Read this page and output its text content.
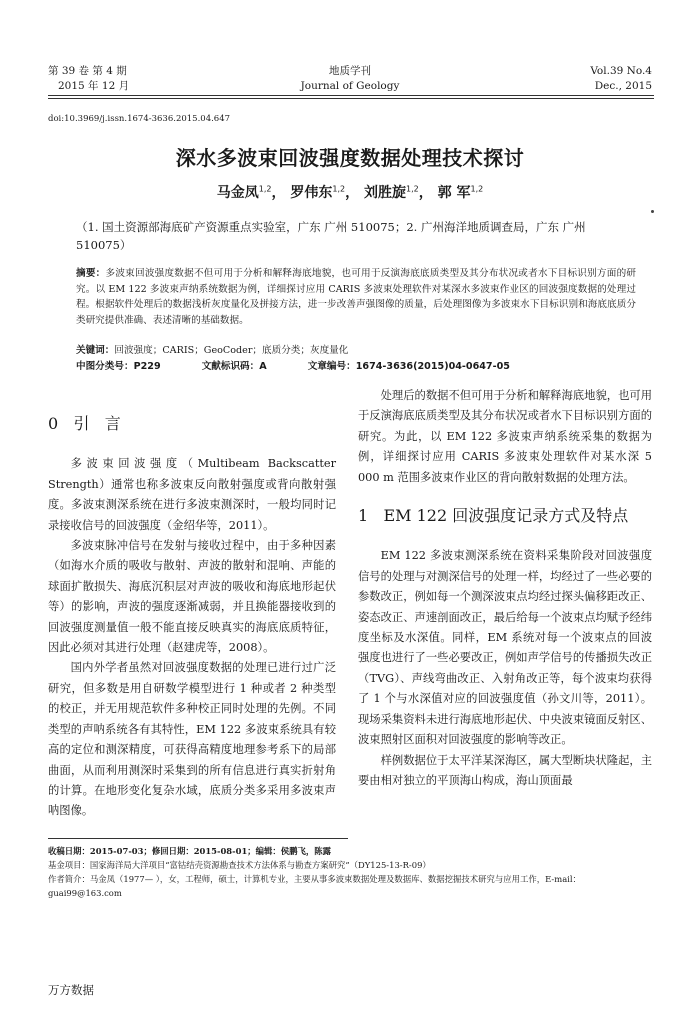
第 39 卷 第 4 期
2015 年 12 月
地质学刊
Journal of Geology
Vol.39 No.4
Dec., 2015
doi:10.3969/j.issn.1674-3636.2015.04.647
深水多波束回波强度数据处理技术探讨
马金凤$^{1,2}$， 罗伟东$^{1,2}$， 刘胜旋$^{1,2}$， 郭 军$^{1,2}$
（1. 国土资源部海底矿产资源重点实验室，广东 广州 510075；2. 广州海洋地质调查局，广东 广州 510075）
摘要：多波束回波强度数据不但可用于分析和解释海底地貌，也可用于反演海底底质类型及其分布状况或者水下目标识别方面的研究。以 EM 122 多波束声纳系统数据为例，详细探讨应用 CARIS 多波束处理软件对某深水多波束作业区的回波强度数据的处理过程。根据软件处理后的数据浅析灰度量化及拼接方法，进一步改善声强图像的质量，后处理图像为多波束水下目标识别和海底底质分类研究提供准确、表述清晰的基础数据。
关键词：回波强度；CARIS；GeoCoder；底质分类；灰度量化
中图分类号：P229	文献标识码：A	文章编号：1674-3636(2015)04-0647-05
0   引   言

多波束回波强度（Multibeam Backscatter Strength）通常也称多波束反向散射强度或背向散射强度。多波束测深系统在进行多波束测深时，一般均同时记录接收信号的回波强度（金绍华等，2011）。

多波束脉冲信号在发射与接收过程中，由于多种因素（如海水介质的吸收与散射、声波的散射和混响、声能的球面扩散损失、海底沉积层对声波的吸收和海底地形起伏等）的影响，声波的强度逐渐减弱，并且换能器接收到的回波强度测量值一般不能直接反映真实的海底底质特征，因此必须对其进行处理（赵建虎等，2008）。

国内外学者虽然对回波强度数据的处理已进行过广泛研究，但多数是用自研数学模型进行 1 种或者 2 种类型的校正，并无用规范软件多种校正同时处理的先例。不同类型的声呐系统各有其特性，EM 122 多波束系统具有较高的定位和测深精度，可获得高精度地理参考系下的局部曲面，从而利用测深时采集到的所有信息进行真实折射角的计算。在地形变化复杂水域，底质分类多采用多波束声呐图像。

处理后的数据不但可用于分析和解释海底地貌，也可用于反演海底底质类型及其分布状况或者水下目标识别方面的研究。为此，以 EM 122 多波束声纳系统采集的数据为例，详细探讨应用 CARIS 多波束处理软件对某水深 5 000 m 范围多波束作业区的背向散射数据的处理方法。

1   EM 122 回波强度记录方式及特点

EM 122 多波束测深系统在资料采集阶段对回波强度信号的处理与对测深信号的处理一样，均经过了一些必要的参数改正，例如每一个测深波束点均经过探头偏移距改正、姿态改正、声速剖面改正，最后给每一个波束点均赋予经纬度坐标及水深值。同样，EM 系统对每一个波束点的回波强度也进行了一些必要改正，例如声学信号的传播损失改正（TVG）、声线弯曲改正、入射角改正等，每个波束均获得了 1 个与水深值对应的回波强度值（孙文川等，2011）。现场采集资料未进行海底地形起伏、中央波束镜面反射区、波束照射区面积对回波强度的影响等改正。

样例数据位于太平洋某深海区，属大型断块状隆起，主要由相对独立的平顶海山构成，海山顶面最

收稿日期：2015-07-03；修回日期：2015-08-01；编辑：侯鹏飞，陈露
基金项目：国家海洋局大洋项目“富钴结壳资源勘查技术方法体系与勘查方案研究”（DY125-13-R-09）
作者简介：马金凤（1977— ），女，工程师，硕士，计算机专业，主要从事多波束数据处理及数据库、数据挖掘技术研究与应用工作，E-mail：guai99@163.com
万方数据
